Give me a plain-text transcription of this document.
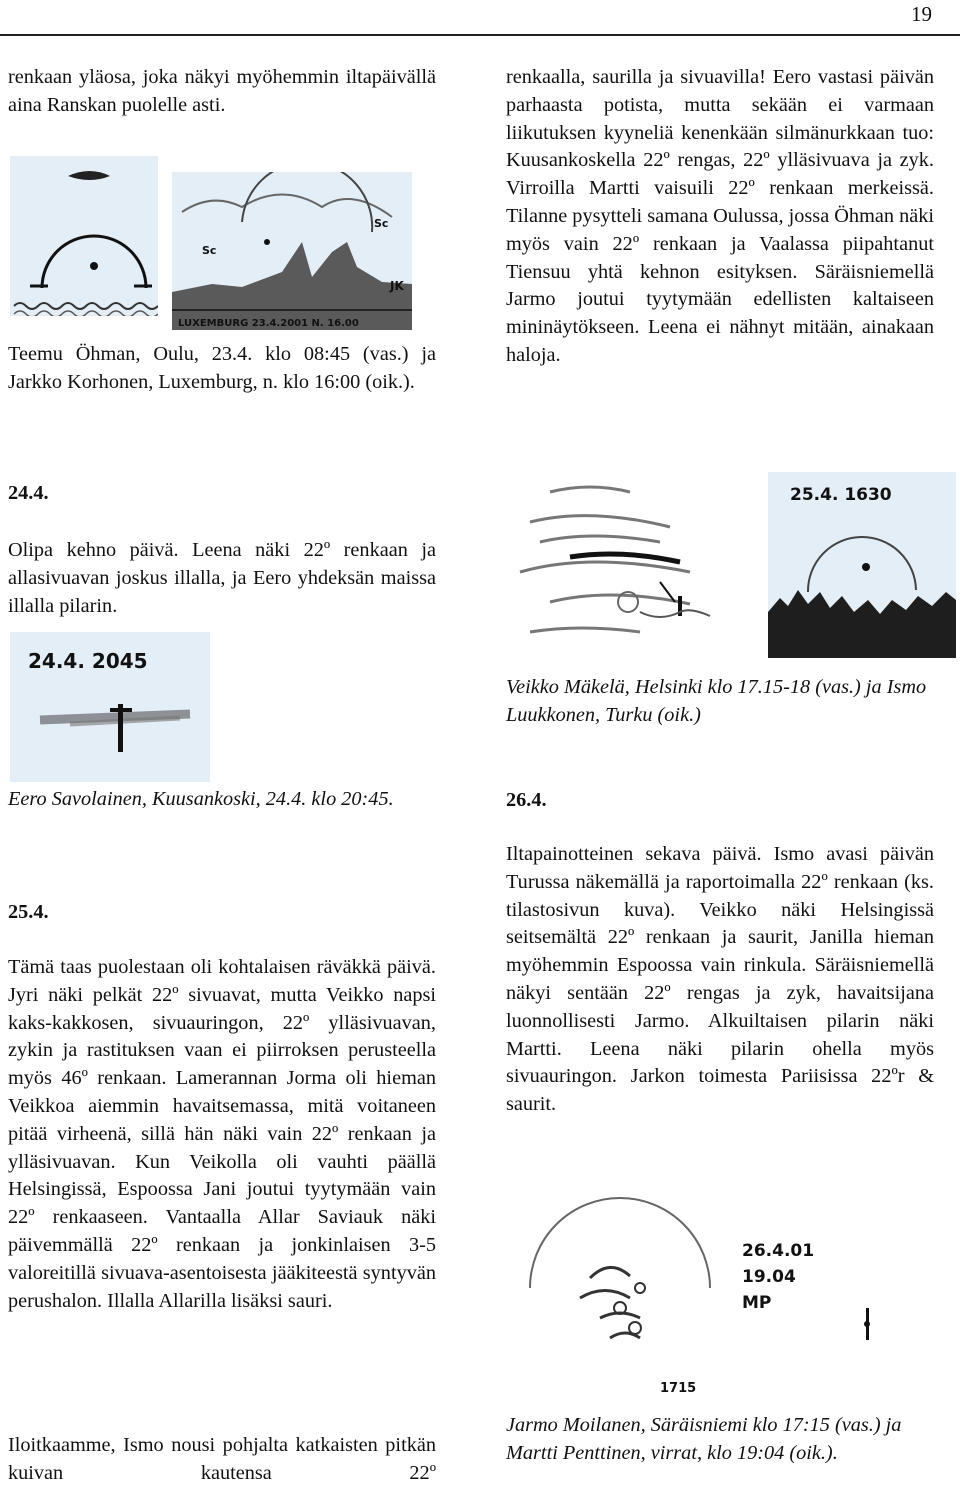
19

renkaan yläosa, joka näkyi myöhemmin iltapäivällä aina Ranskan puolelle asti.

Sc
Sc
JK
LUXEMBURG 23.4.2001 N. 16.00

Teemu Öhman, Oulu, 23.4. klo 08:45 (vas.) ja Jarkko Korhonen, Luxemburg, n. klo 16:00 (oik.).

renkaalla, saurilla ja sivuavilla! Eero vastasi päivän parhaasta potista, mutta sekään ei varmaan liikutuksen kyyneliä kenenkään silmänurkkaan tuo: Kuusankoskella 22º rengas, 22º ylläsivuava ja zyk. Virroilla Martti vaisuili 22º renkaan merkeissä. Tilanne pysytteli samana Oulussa, jossa Öhman näki myös vain 22º renkaan ja Vaalassa piipahtanut Tiensuu yhtä kehnon esityksen. Säräisniemellä Jarmo joutui tyytymään edellisten kaltaiseen mininäytökseen. Leena ei nähnyt mitään, ainakaan haloja.

24.4.

Olipa kehno päivä. Leena näki 22º renkaan ja allasivuavan joskus illalla, ja Eero yhdeksän maissa illalla pilarin.

24.4. 2045

Eero Savolainen, Kuusankoski, 24.4. klo 20:45.

25.4.

Tämä taas puolestaan oli kohtalaisen räväkkä päivä. Jyri näki pelkät 22º sivuavat, mutta Veikko napsi kaks-kakkosen, sivuauringon, 22º ylläsivuavan, zykin ja rastituksen vaan ei piirroksen perusteella myös 46º renkaan. Lamerannan Jorma oli hieman Veikkoa aiemmin havaitsemassa, mitä voitaneen pitää virheenä, sillä hän näki vain 22º renkaan ja ylläsivuavan. Kun Veikolla oli vauhti päällä Helsingissä, Espoossa Jani joutui tyytymään vain 22º renkaaseen. Vantaalla Allar Saviauk näki päivemmällä 22º renkaan ja jonkinlaisen 3-5 valoreitillä sivuava-asentoisesta jääkiteestä syntyvän perushalon. Illalla Allarilla lisäksi sauri.

Iloitkaamme, Ismo nousi pohjalta katkaisten pitkän kuivan kautensa 22º

25.4. 1630

Veikko Mäkelä, Helsinki klo 17.15-18 (vas.) ja Ismo Luukkonen, Turku (oik.)

26.4.

Iltapainotteinen sekava päivä. Ismo avasi päivän Turussa näkemällä ja raportoimalla 22º renkaan (ks. tilastosivun kuva). Veikko näki Helsingissä seitsemältä 22º renkaan ja saurit, Janilla hieman myöhemmin Espoossa vain rinkula. Säräisniemellä näkyi sentään 22º rengas ja zyk, havaitsijana luonnollisesti Jarmo. Alkuiltaisen pilarin näki Martti. Leena näki pilarin ohella myös sivuauringon. Jarkon toimesta Pariisissa 22ºr & saurit.

1715
26.4.01
19.04
MP

Jarmo Moilanen, Säräisniemi klo 17:15 (vas.) ja Martti Penttinen, virrat, klo 19:04 (oik.).
